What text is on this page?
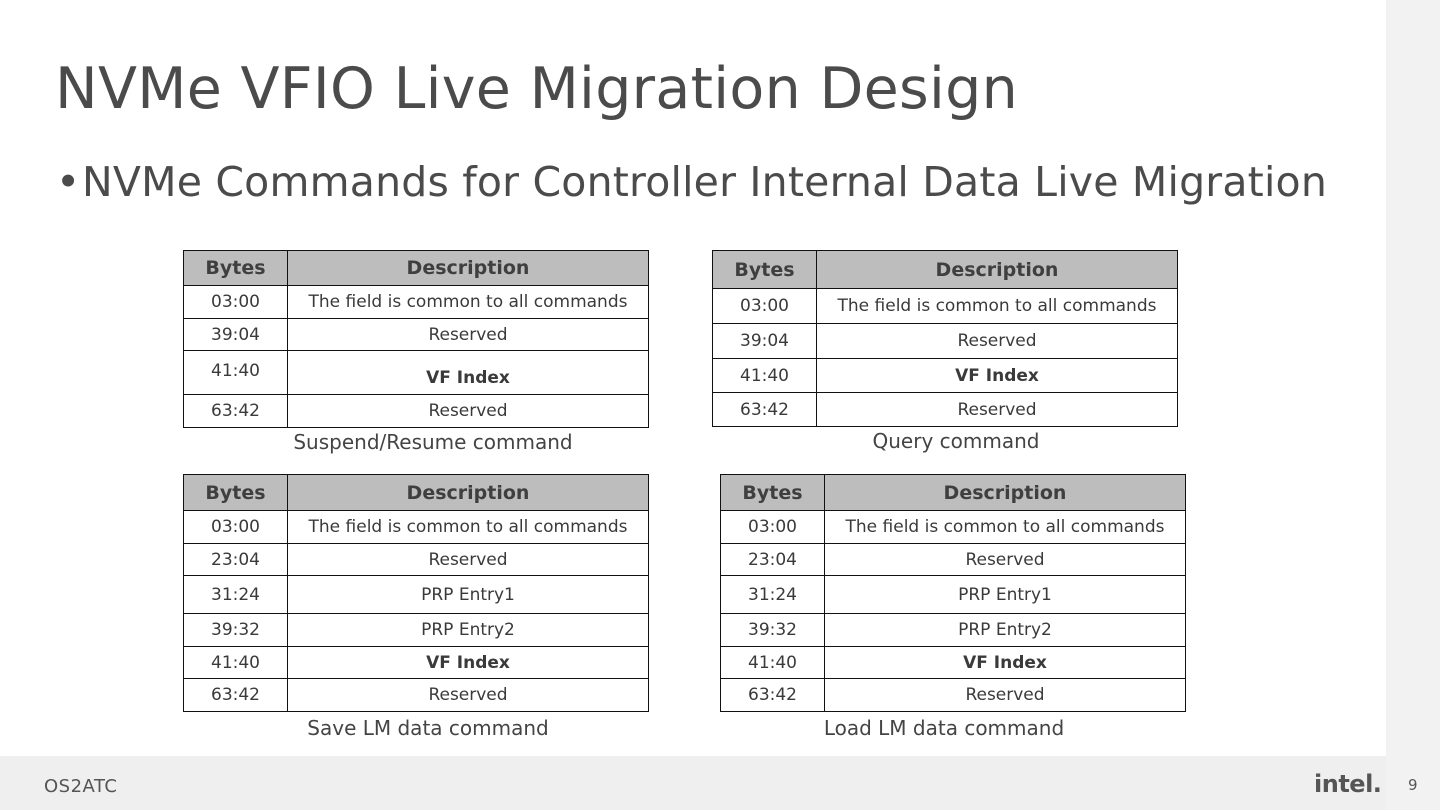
OS2ATC	intel. 9
NVMe VFIO Live Migration Design
•NVMe Commands for Controller Internal Data Live Migration
Bytes	Description
03:00	The field is common to all commands
39:04	Reserved
41:40	VF Index
63:42	Reserved
Suspend/Resume command
Bytes	Description
03:00	The field is common to all commands
39:04	Reserved
41:40	VF Index
63:42	Reserved
Query command
Bytes	Description
03:00	The field is common to all commands
23:04	Reserved
31:24	PRP Entry1
39:32	PRP Entry2
41:40	VF Index
63:42	Reserved
Save LM data command
Bytes	Description
03:00	The field is common to all commands
23:04	Reserved
31:24	PRP Entry1
39:32	PRP Entry2
41:40	VF Index
63:42	Reserved
Load LM data command
